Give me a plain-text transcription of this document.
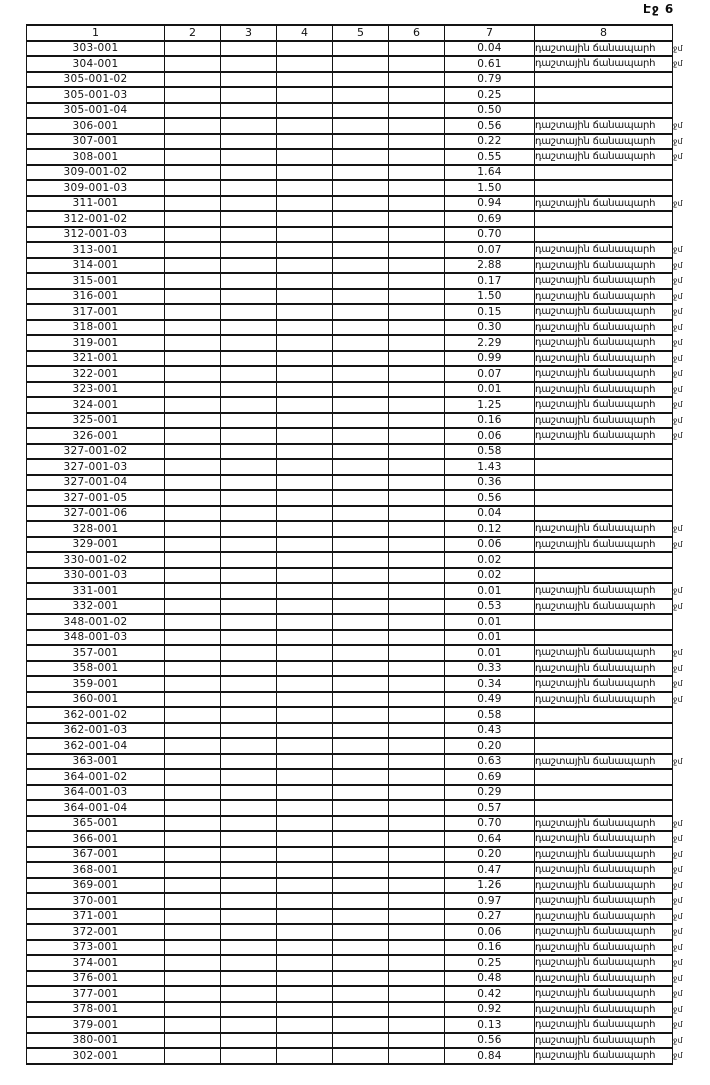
Էջ 6
1	2	3	4	5	6	7	8	
303-001						0.04	դաշտային ճանապարհ	ջմ
304-001						0.61	դաշտային ճանապարհ	ջմ
305-001-02						0.79		
305-001-03						0.25		
305-001-04						0.50		
306-001						0.56	դաշտային ճանապարհ	ջմ
307-001						0.22	դաշտային ճանապարհ	ջմ
308-001						0.55	դաշտային ճանապարհ	ջմ
309-001-02						1.64		
309-001-03						1.50		
311-001						0.94	դաշտային ճանապարհ	ջմ
312-001-02						0.69		
312-001-03						0.70		
313-001						0.07	դաշտային ճանապարհ	ջմ
314-001						2.88	դաշտային ճանապարհ	ջմ
315-001						0.17	դաշտային ճանապարհ	ջմ
316-001						1.50	դաշտային ճանապարհ	ջմ
317-001						0.15	դաշտային ճանապարհ	ջմ
318-001						0.30	դաշտային ճանապարհ	ջմ
319-001						2.29	դաշտային ճանապարհ	ջմ
321-001						0.99	դաշտային ճանապարհ	ջմ
322-001						0.07	դաշտային ճանապարհ	ջմ
323-001						0.01	դաշտային ճանապարհ	ջմ
324-001						1.25	դաշտային ճանապարհ	ջմ
325-001						0.16	դաշտային ճանապարհ	ջմ
326-001						0.06	դաշտային ճանապարհ	ջմ
327-001-02						0.58		
327-001-03						1.43		
327-001-04						0.36		
327-001-05						0.56		
327-001-06						0.04		
328-001						0.12	դաշտային ճանապարհ	ջմ
329-001						0.06	դաշտային ճանապարհ	ջմ
330-001-02						0.02		
330-001-03						0.02		
331-001						0.01	դաշտային ճանապարհ	ջմ
332-001						0.53	դաշտային ճանապարհ	ջմ
348-001-02						0.01		
348-001-03						0.01		
357-001						0.01	դաշտային ճանապարհ	ջմ
358-001						0.33	դաշտային ճանապարհ	ջմ
359-001						0.34	դաշտային ճանապարհ	ջմ
360-001						0.49	դաշտային ճանապարհ	ջմ
362-001-02						0.58		
362-001-03						0.43		
362-001-04						0.20		
363-001						0.63	դաշտային ճանապարհ	ջմ
364-001-02						0.69		
364-001-03						0.29		
364-001-04						0.57		
365-001						0.70	դաշտային ճանապարհ	ջմ
366-001						0.64	դաշտային ճանապարհ	ջմ
367-001						0.20	դաշտային ճանապարհ	ջմ
368-001						0.47	դաշտային ճանապարհ	ջմ
369-001						1.26	դաշտային ճանապարհ	ջմ
370-001						0.97	դաշտային ճանապարհ	ջմ
371-001						0.27	դաշտային ճանապարհ	ջմ
372-001						0.06	դաշտային ճանապարհ	ջմ
373-001						0.16	դաշտային ճանապարհ	ջմ
374-001						0.25	դաշտային ճանապարհ	ջմ
376-001						0.48	դաշտային ճանապարհ	ջմ
377-001						0.42	դաշտային ճանապարհ	ջմ
378-001						0.92	դաշտային ճանապարհ	ջմ
379-001						0.13	դաշտային ճանապարհ	ջմ
380-001						0.56	դաշտային ճանապարհ	ջմ
302-001						0.84	դաշտային ճանապարհ	ջմ
